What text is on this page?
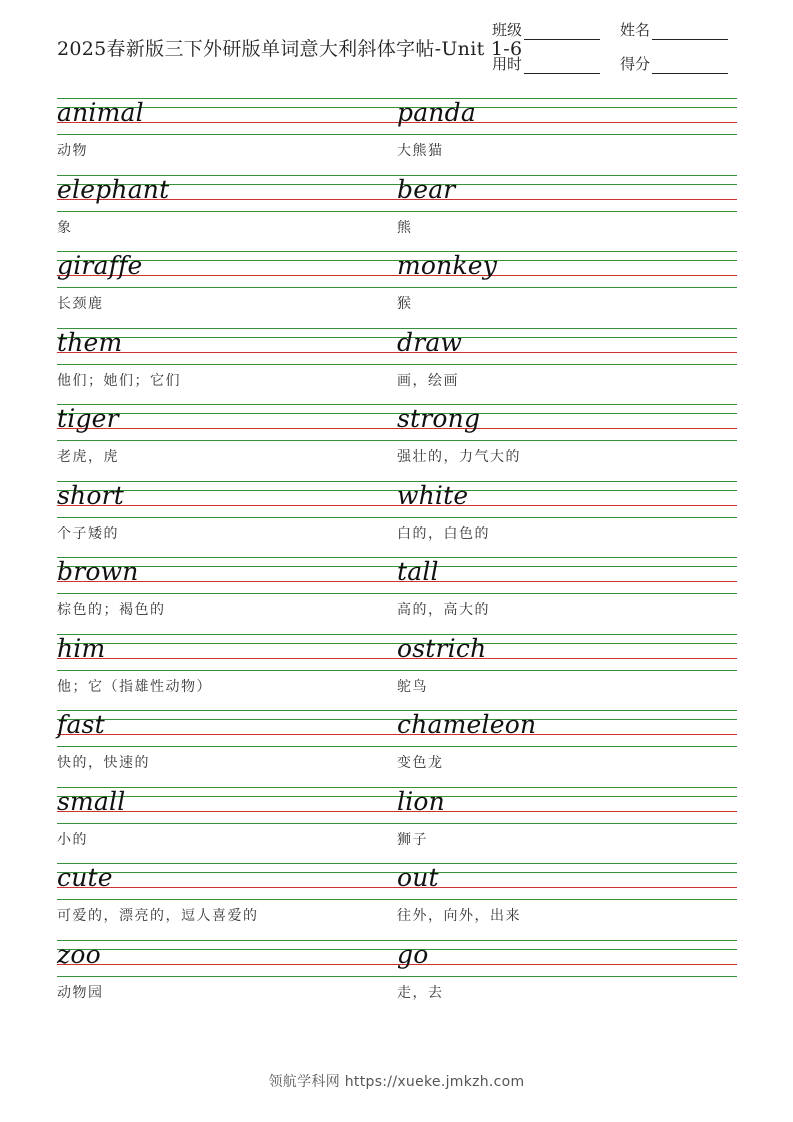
2025春新版三下外研版单词意大利斜体字帖-Unit 1-6
班级	姓名
用时	得分
animal
动物
panda
大熊猫
elephant
象
bear
熊
giraffe
长颈鹿
monkey
猴
them
他们；她们；它们
draw
画，绘画
tiger
老虎，虎
strong
强壮的，力气大的
short
个子矮的
white
白的，白色的
brown
棕色的；褐色的
tall
高的，高大的
him
他；它（指雄性动物）
ostrich
鸵鸟
fast
快的，快速的
chameleon
变色龙
small
小的
lion
狮子
cute
可爱的，漂亮的，逗人喜爱的
out
往外，向外，出来
zoo
动物园
go
走，去
领航学科网 https://xueke.jmkzh.com
